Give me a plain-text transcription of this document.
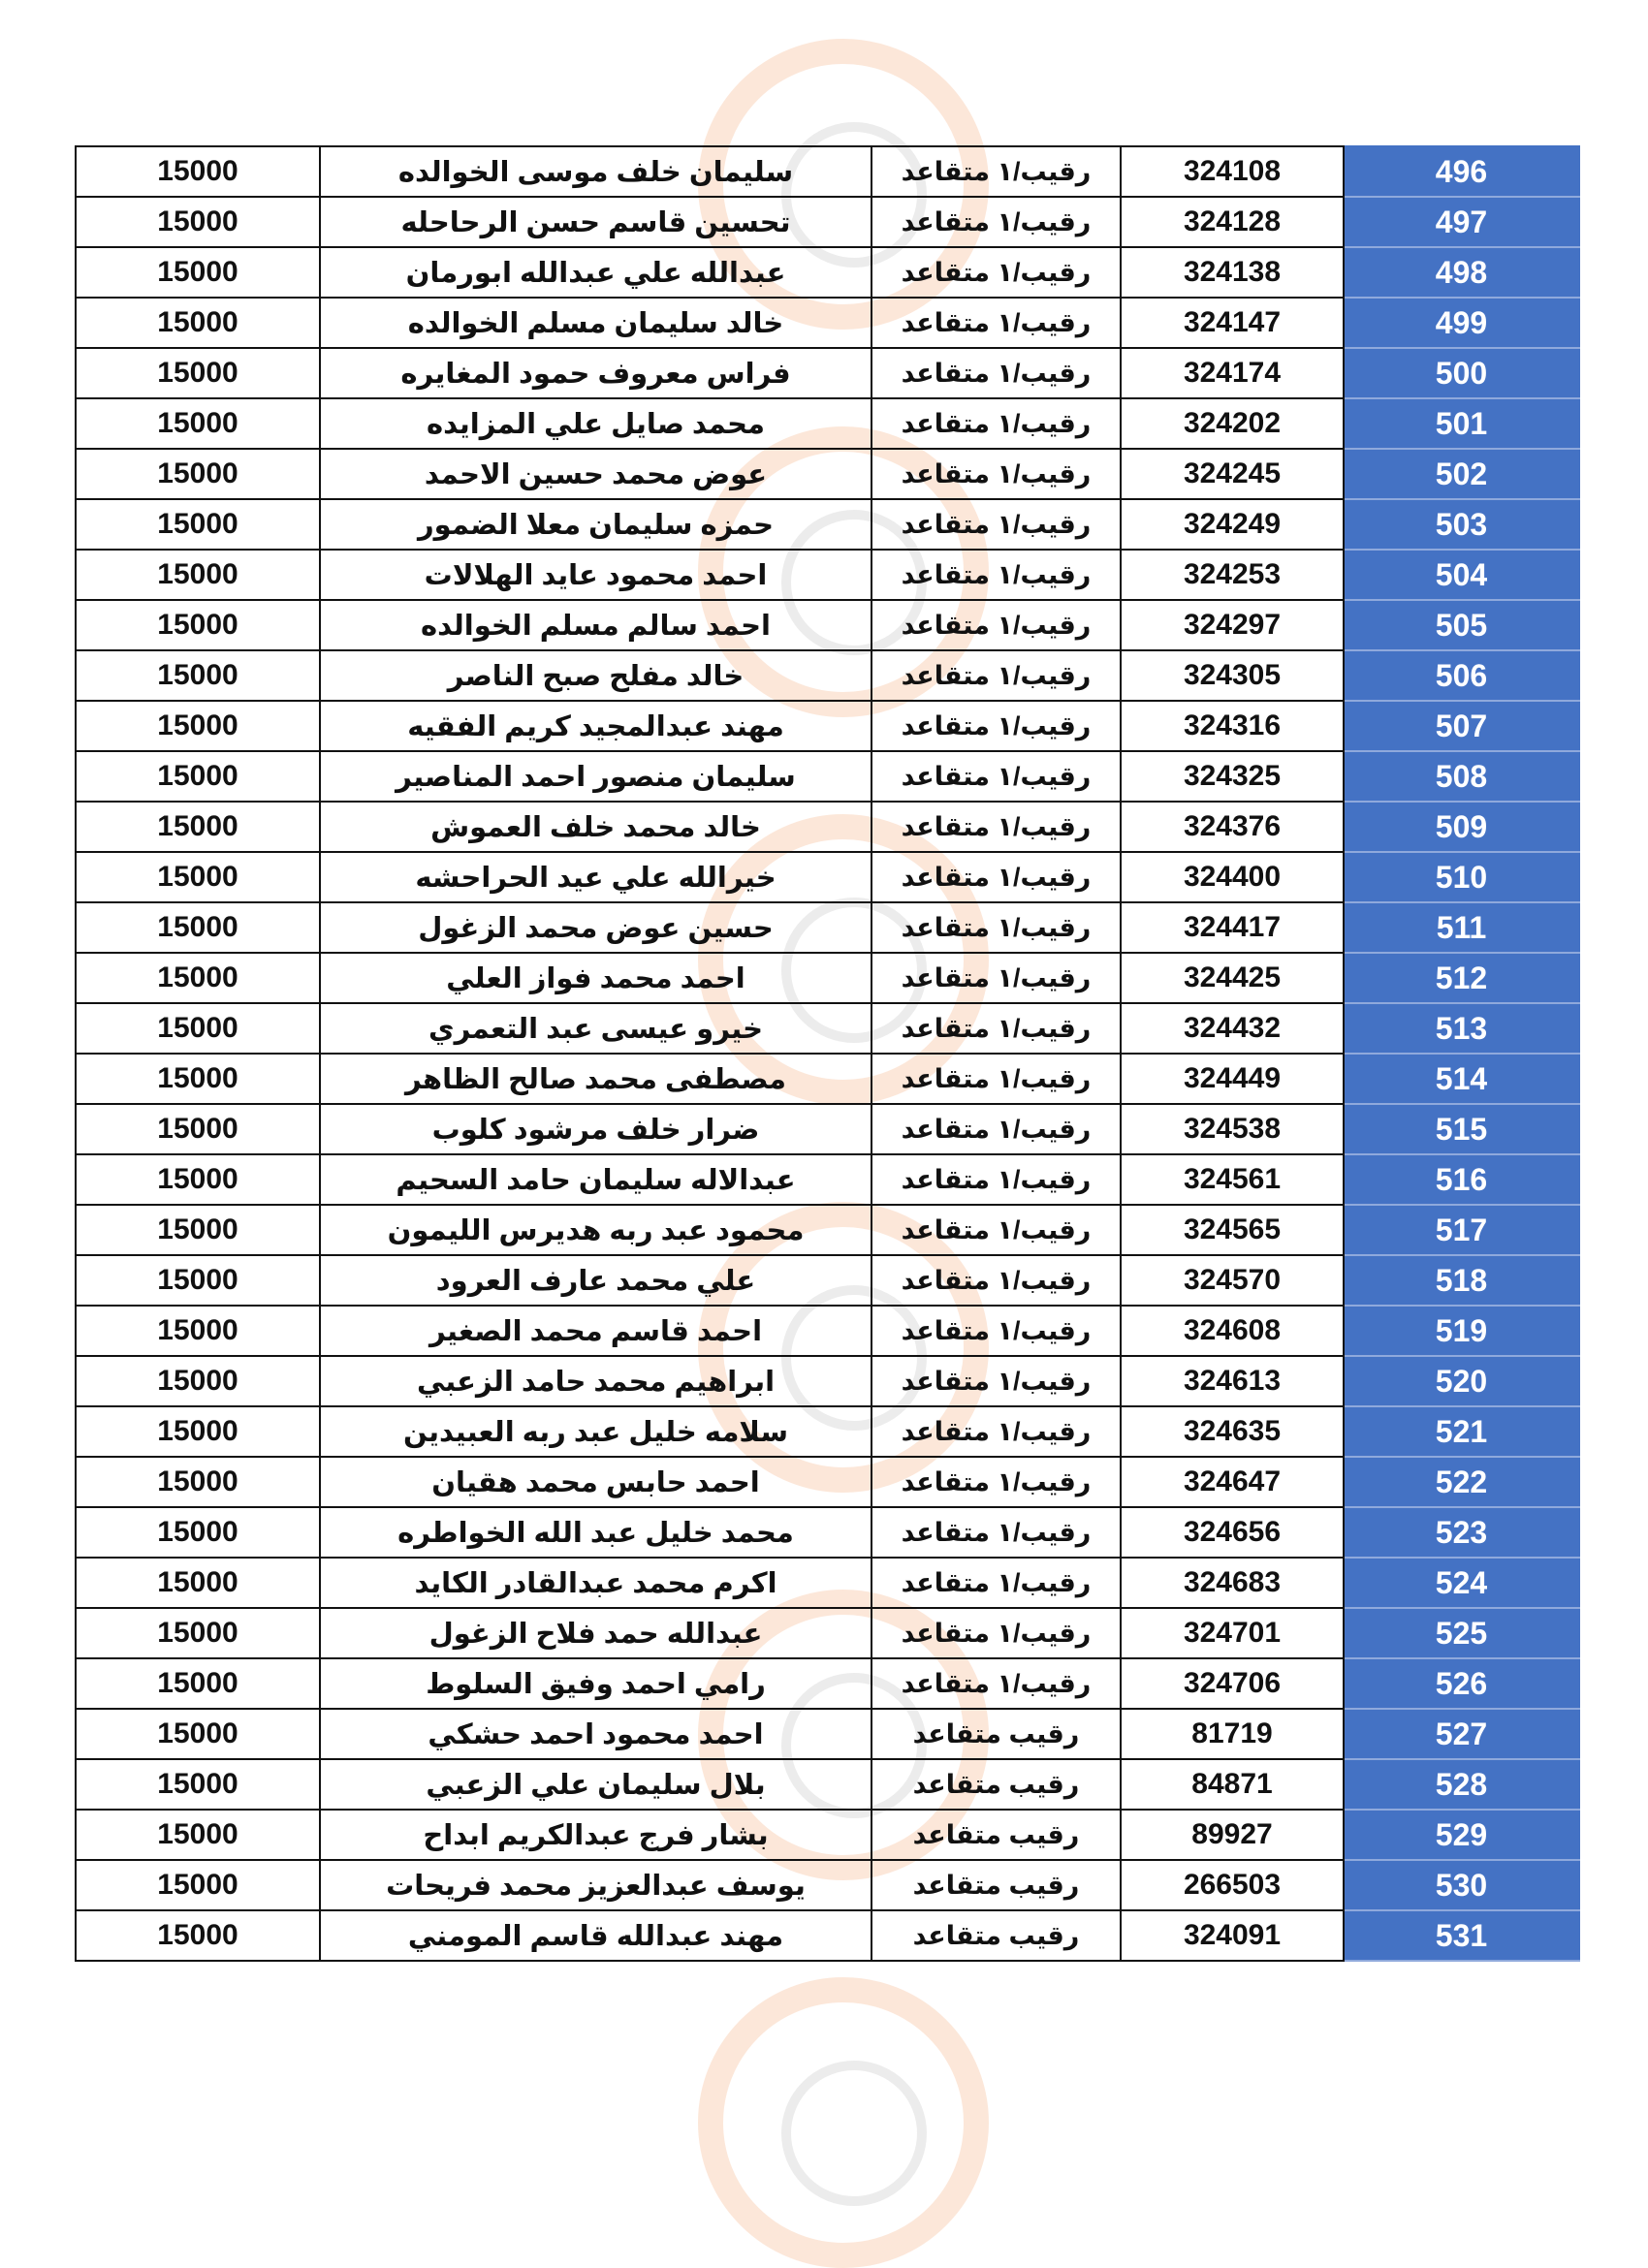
15000	سليمان خلف موسى الخوالده	رقيب/١ متقاعد	324108	496
15000	تحسين قاسم حسن الرحاحله	رقيب/١ متقاعد	324128	497
15000	عبدالله علي عبدالله ابورمان	رقيب/١ متقاعد	324138	498
15000	خالد سليمان مسلم الخوالده	رقيب/١ متقاعد	324147	499
15000	فراس معروف حمود المغايره	رقيب/١ متقاعد	324174	500
15000	محمد صايل علي المزايده	رقيب/١ متقاعد	324202	501
15000	عوض محمد حسين الاحمد	رقيب/١ متقاعد	324245	502
15000	حمزه سليمان معلا الضمور	رقيب/١ متقاعد	324249	503
15000	احمد محمود عايد الهلالات	رقيب/١ متقاعد	324253	504
15000	احمد سالم مسلم الخوالده	رقيب/١ متقاعد	324297	505
15000	خالد مفلح صبح الناصر	رقيب/١ متقاعد	324305	506
15000	مهند عبدالمجيد كريم الفقيه	رقيب/١ متقاعد	324316	507
15000	سليمان منصور احمد المناصير	رقيب/١ متقاعد	324325	508
15000	خالد محمد خلف العموش	رقيب/١ متقاعد	324376	509
15000	خيرالله علي عيد الحراحشه	رقيب/١ متقاعد	324400	510
15000	حسين عوض محمد الزغول	رقيب/١ متقاعد	324417	511
15000	احمد محمد فواز العلي	رقيب/١ متقاعد	324425	512
15000	خيرو عيسى عبد التعمري	رقيب/١ متقاعد	324432	513
15000	مصطفى محمد صالح الظاهر	رقيب/١ متقاعد	324449	514
15000	ضرار خلف مرشود كلوب	رقيب/١ متقاعد	324538	515
15000	عبدالاله سليمان حامد السحيم	رقيب/١ متقاعد	324561	516
15000	محمود عبد ربه هديرس الليمون	رقيب/١ متقاعد	324565	517
15000	علي محمد عارف العرود	رقيب/١ متقاعد	324570	518
15000	احمد قاسم محمد الصغير	رقيب/١ متقاعد	324608	519
15000	ابراهيم محمد حامد الزعبي	رقيب/١ متقاعد	324613	520
15000	سلامه خليل عبد ربه العبيدين	رقيب/١ متقاعد	324635	521
15000	احمد حابس محمد هقيان	رقيب/١ متقاعد	324647	522
15000	محمد خليل عبد الله الخواطره	رقيب/١ متقاعد	324656	523
15000	اكرم محمد عبدالقادر الكايد	رقيب/١ متقاعد	324683	524
15000	عبدالله حمد فلاح الزغول	رقيب/١ متقاعد	324701	525
15000	رامي احمد وفيق السلوط	رقيب/١ متقاعد	324706	526
15000	احمد محمود احمد حشكي	رقيب متقاعد	81719	527
15000	بلال سليمان علي الزعبي	رقيب متقاعد	84871	528
15000	بشار فرج عبدالكريم ابداح	رقيب متقاعد	89927	529
15000	يوسف عبدالعزيز محمد فريحات	رقيب متقاعد	266503	530
15000	مهند عبدالله قاسم المومني	رقيب متقاعد	324091	531
